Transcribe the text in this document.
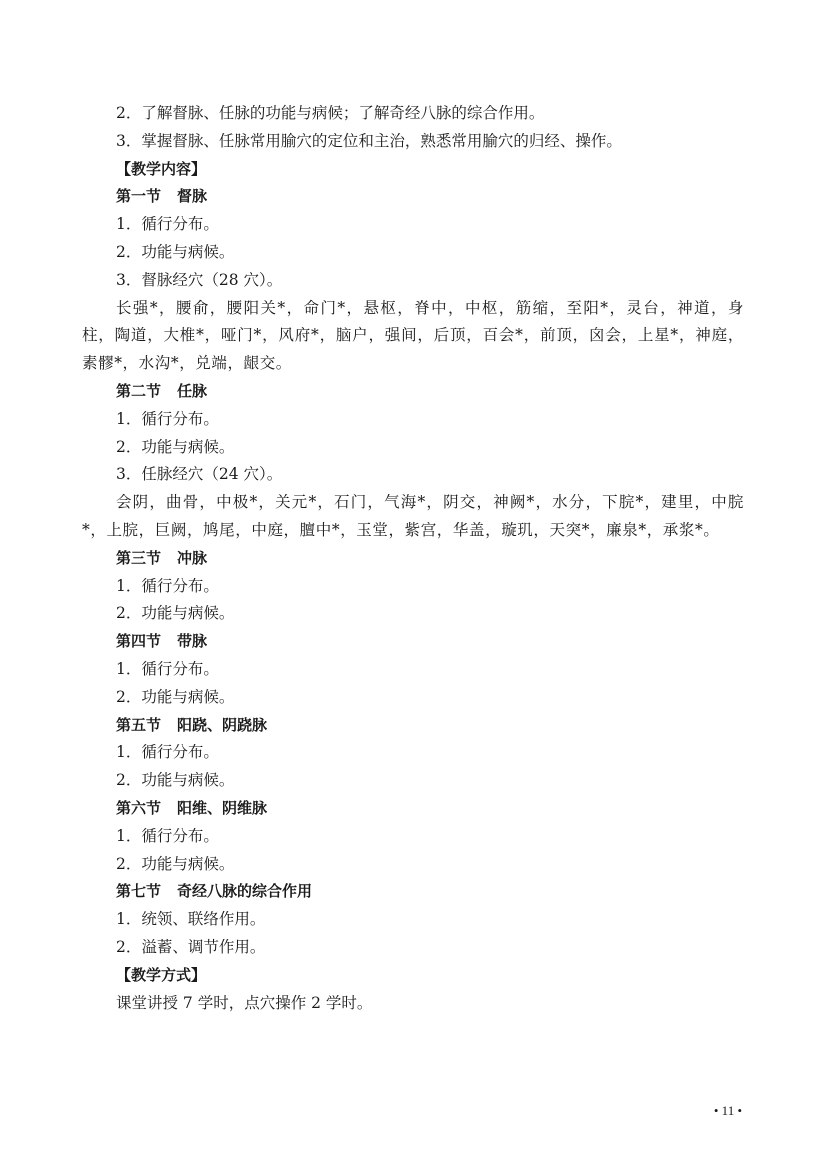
2．了解督脉、任脉的功能与病候；了解奇经八脉的综合作用。

3．掌握督脉、任脉常用腧穴的定位和主治，熟悉常用腧穴的归经、操作。

【教学内容】

第一节 督脉

1．循行分布。

2．功能与病候。

3．督脉经穴（28 穴）。

长强*，腰俞，腰阳关*，命门*，悬枢，脊中，中枢，筋缩，至阳*，灵台，神道，身柱，陶道，大椎*，哑门*，风府*，脑户，强间，后顶，百会*，前顶，囟会，上星*，神庭，素髎*，水沟*，兑端，龈交。

第二节 任脉

1．循行分布。

2．功能与病候。

3．任脉经穴（24 穴）。

会阴，曲骨，中极*，关元*，石门，气海*，阴交，神阙*，水分，下脘*，建里，中脘*，上脘，巨阙，鸠尾，中庭，膻中*，玉堂，紫宫，华盖，璇玑，天突*，廉泉*，承浆*。

第三节 冲脉

1．循行分布。

2．功能与病候。

第四节 带脉

1．循行分布。

2．功能与病候。

第五节 阳跷、阴跷脉

1．循行分布。

2．功能与病候。

第六节 阳维、阴维脉

1．循行分布。

2．功能与病候。

第七节 奇经八脉的综合作用

1．统领、联络作用。

2．溢蓄、调节作用。

【教学方式】

课堂讲授 7 学时，点穴操作 2 学时。

• 11 •
